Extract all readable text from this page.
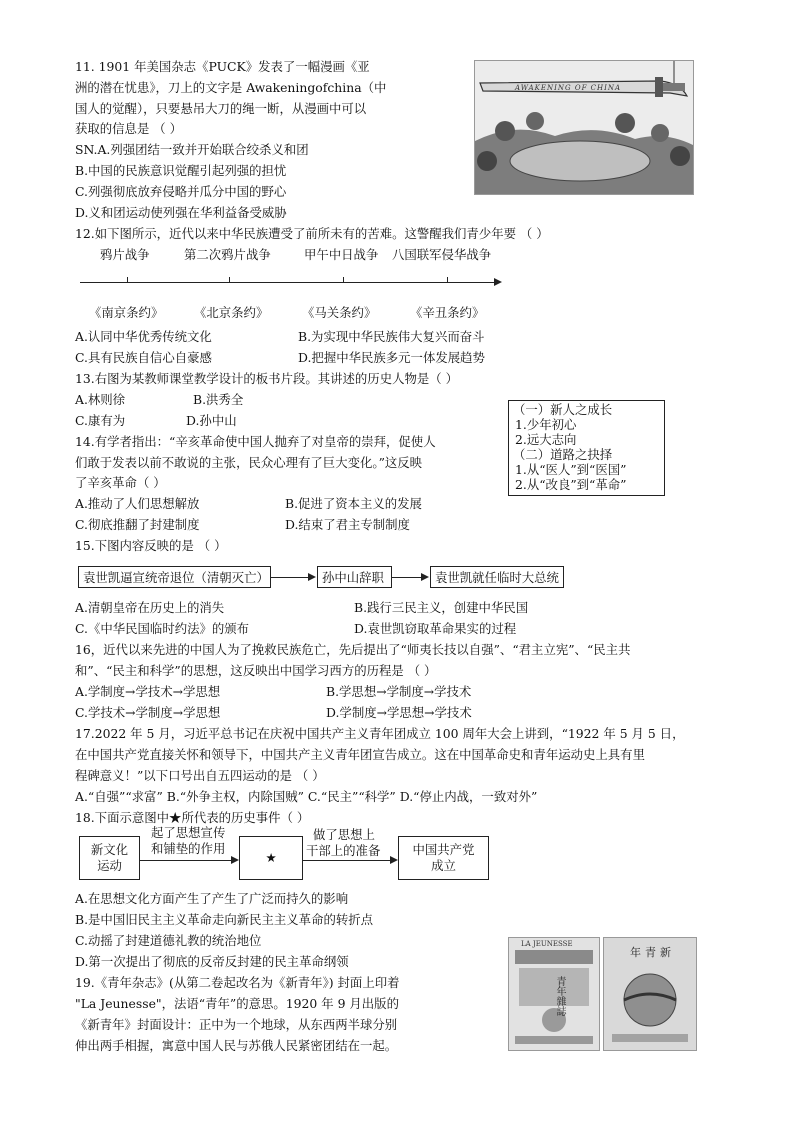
11. 1901 年美国杂志《PUCK》发表了一幅漫画《亚
洲的潜在忧患》，刀上的文字是 Awakeningofchina（中
国人的觉醒），只要悬吊大刀的绳一断，从漫画中可以
获取的信息是 （ ）
SN.A.列强团结一致并开始联合绞杀义和团
B.中国的民族意识觉醒引起列强的担忧
C.列强彻底放弃侵略并瓜分中国的野心
D.义和团运动使列强在华利益备受威胁
AWAKENING OF CHINA
12.如下图所示，近代以来中华民族遭受了前所未有的苦难。这警醒我们青少年要 （ ）
鸦片战争	第二次鸦片战争	甲午中日战争 八国联军侵华战争
《南京条约》 《北京条约》	《马关条约》	《辛丑条约》
A.认同中华优秀传统文化	B.为实现中华民族伟大复兴而奋斗
C.具有民族自信心自豪感	D.把握中华民族多元一体发展趋势
13.右图为某教师课堂教学设计的板书片段。其讲述的历史人物是（ ）
A.林则徐	B.洪秀全
C.康有为	D.孙中山
（一）新人之成长
1.少年初心
2.远大志向
（二）道路之抉择
1.从“医人”到“医国”
2.从“改良”到“革命”
14.有学者指出：“辛亥革命使中国人抛弃了对皇帝的崇拜，促使人
们敢于发表以前不敢说的主张，民众心理有了巨大变化。”这反映
了辛亥革命（ ）
A.推动了人们思想解放	B.促进了资本主义的发展
C.彻底推翻了封建制度	D.结束了君主专制制度
15.下图内容反映的是 （ ）
袁世凯逼宣统帝退位（清朝灭亡）	孙中山辞职	袁世凯就任临时大总统
A.清朝皇帝在历史上的消失	B.践行三民主义，创建中华民国
C.《中华民国临时约法》的颁布	D.袁世凯窃取革命果实的过程
16，近代以来先进的中国人为了挽救民族危亡，先后提出了“师夷长技以自强”、“君主立宪”、“民主共
和”、“民主和科学”的思想，这反映出中国学习西方的历程是 （ ）
A.学制度→学技术→学思想	B.学思想→学制度→学技术
C.学技术→学制度→学思想	D.学制度→学思想→学技术
17.2022 年 5 月，习近平总书记在庆祝中国共产主义青年团成立 100 周年大会上讲到，“1922 年 5 月 5 日，
在中国共产党直接关怀和领导下，中国共产主义青年团宣告成立。这在中国革命史和青年运动史上具有里
程碑意义！”以下口号出自五四运动的是 （ ）
A.“自强”“求富” B.“外争主权，内除国贼” C.“民主”“科学” D.“停止内战，一致对外”
18.下面示意图中★所代表的历史事件（ ）
新文化
运动
起了思想宣传
和铺垫的作用
★
做了思想上
干部上的准备	中国共产党
成立
A.在思想文化方面产生了产生了广泛而持久的影响
B.是中国旧民主主义革命走向新民主主义革命的转折点
C.动摇了封建道德礼教的统治地位
D.第一次提出了彻底的反帝反封建的民主革命纲领
19.《青年杂志》(从第二卷起改名为《新青年》) 封面上印着
"La Jeunesse"，法语“青年”的意思。1920 年 9 月出版的
《新青年》封面设计：正中为一个地球，从东西两半球分别
伸出两手相握，寓意中国人民与苏俄人民紧密团结在一起。
LA JEUNESSE
青年雜誌
年青新
